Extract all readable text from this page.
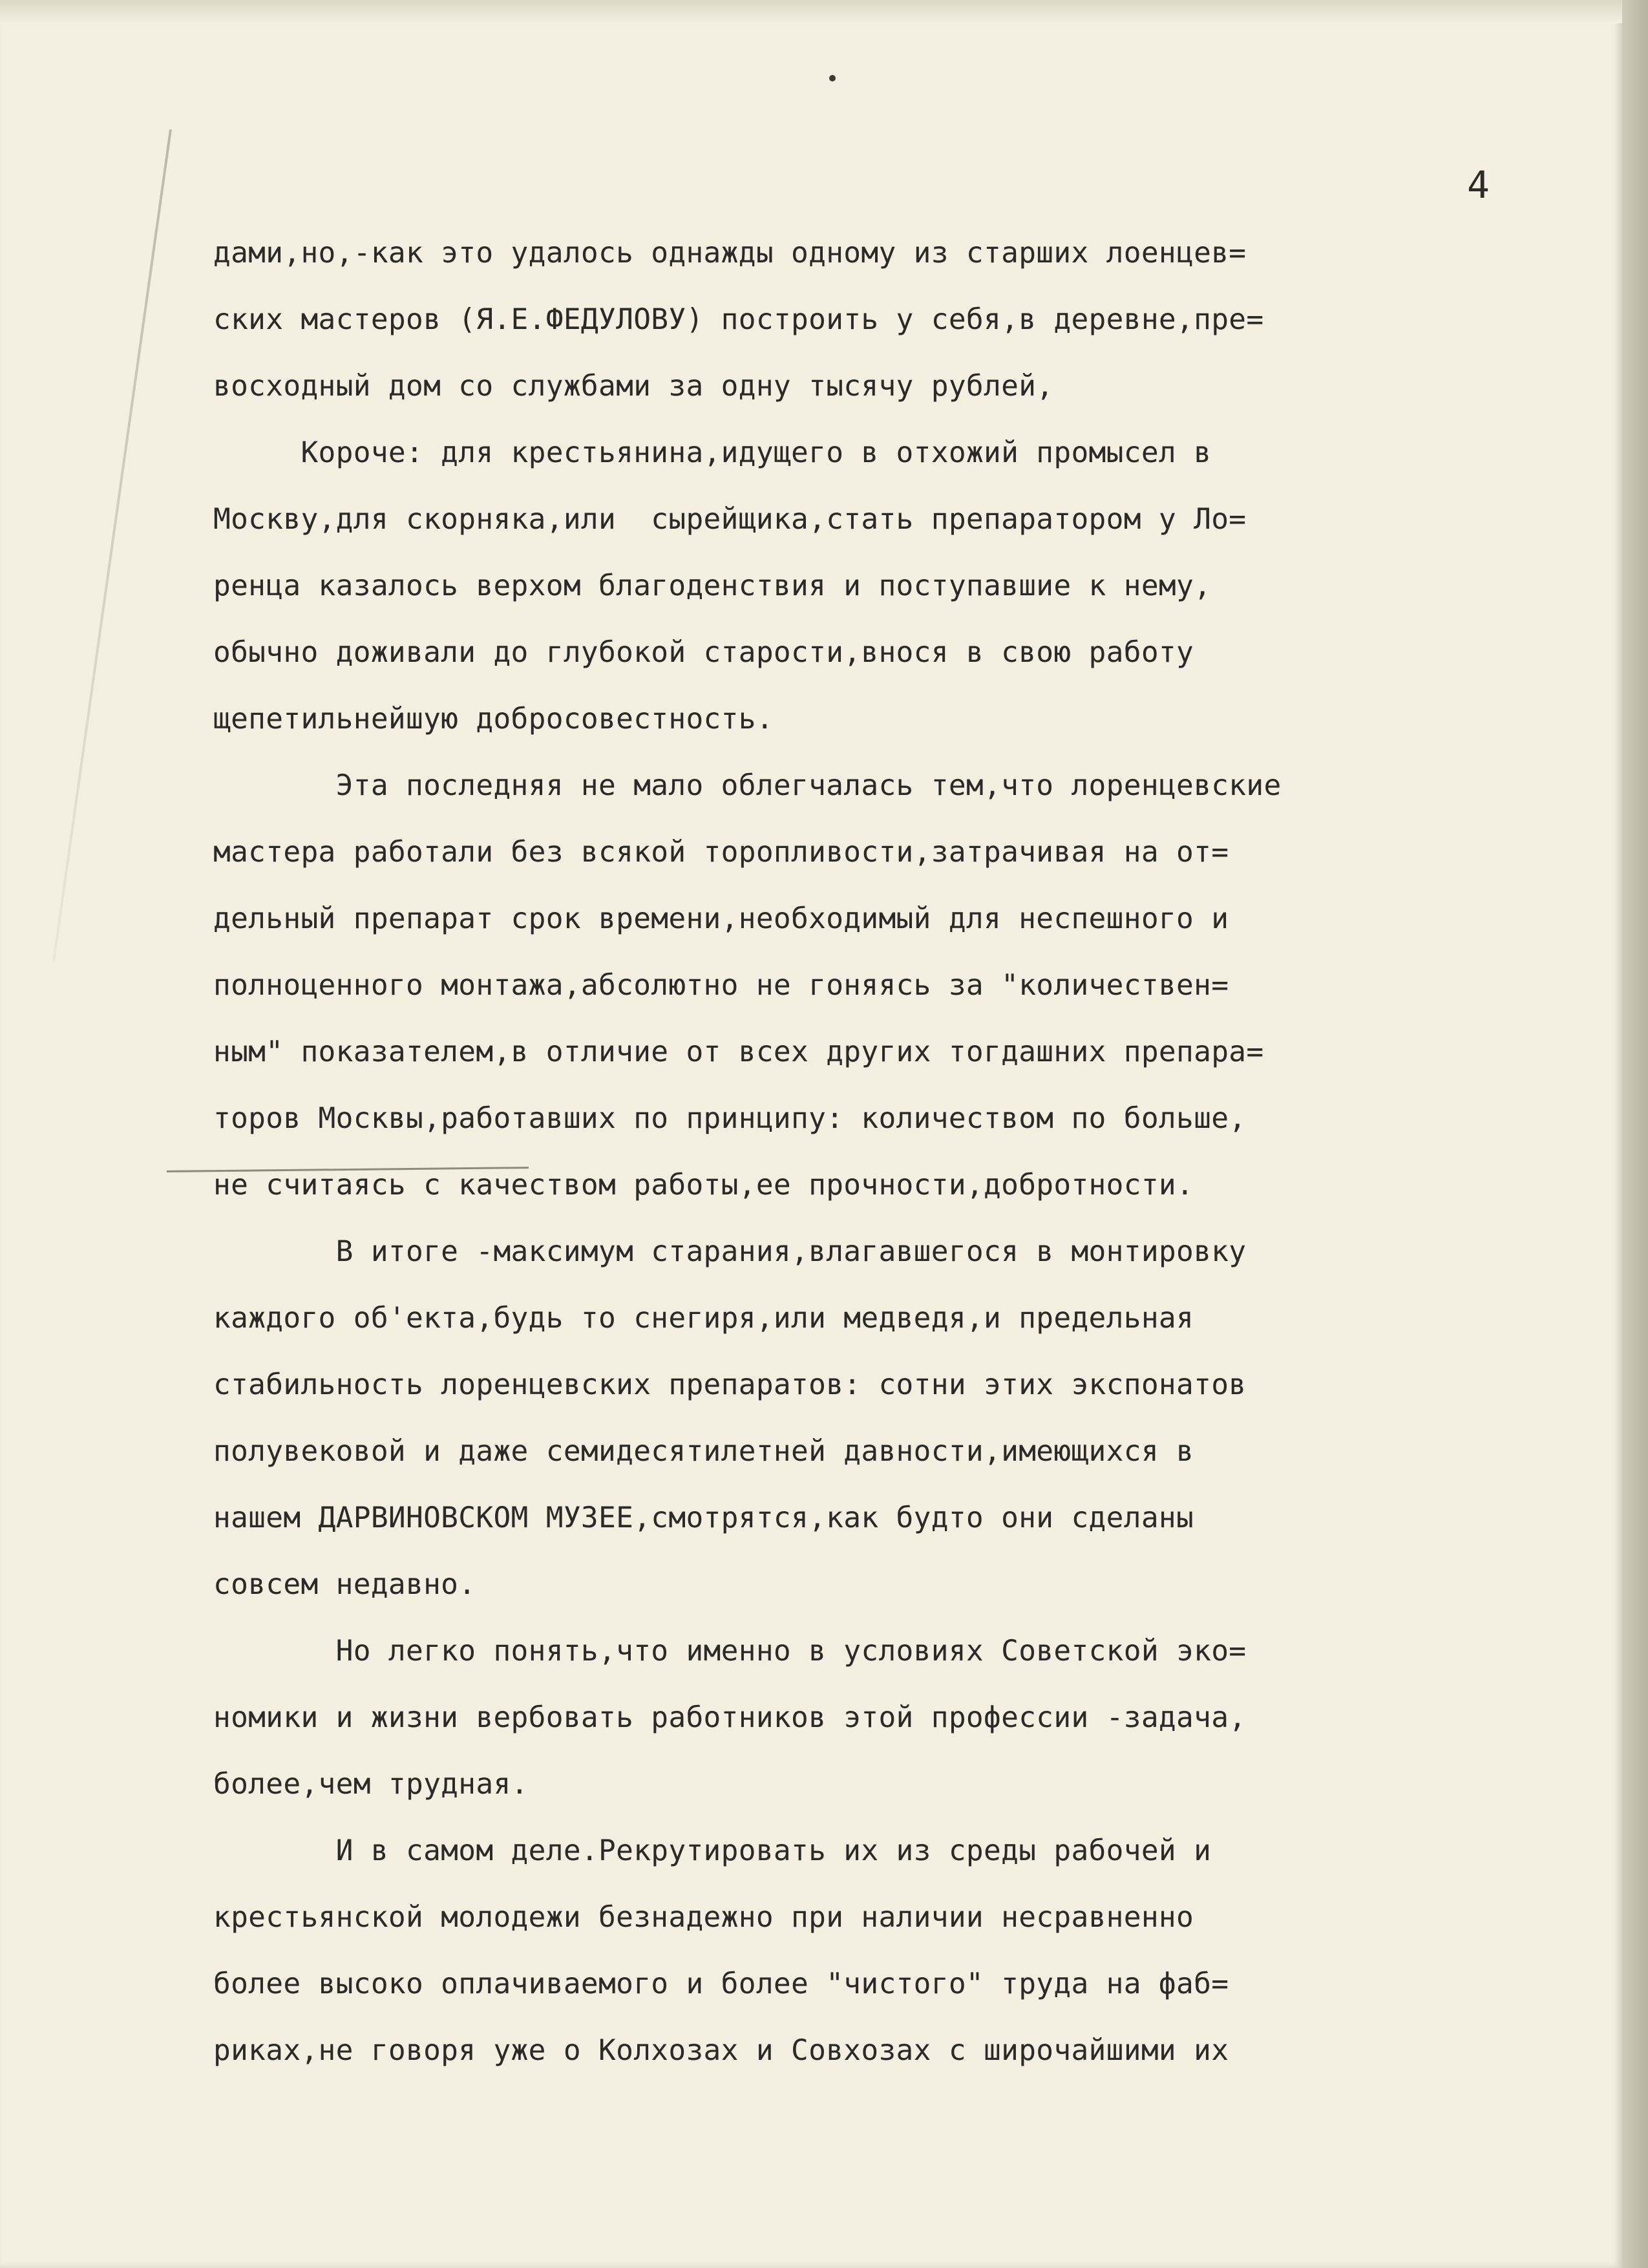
4
дами,но,-как это удалось однажды одному из старших лоенцев=
ских мастеров (Я.Е.ФЕДУЛОВУ) построить у себя,в деревне,пре=
восходный дом со службами за одну тысячу рублей,
Короче: для крестьянина,идущего в отхожий промысел в
Москву,для скорняка,или  сырейщика,стать препаратором у Ло=
ренца казалось верхом благоденствия и поступавшие к нему,
обычно доживали до глубокой старости,внося в свою работу
щепетильнейшую добросовестность.
Эта последняя не мало облегчалась тем,что лоренцевские
мастера работали без всякой торопливости,затрачивая на от=
дельный препарат срок времени,необходимый для неспешного и
полноценного монтажа,абсолютно не гоняясь за "количествен=
ным" показателем,в отличие от всех других тогдашних препара=
торов Москвы,работавших по принципу: количеством по больше,
не считаясь с качеством работы,ее прочности,добротности.
В итоге -максимум старания,влагавшегося в монтировку
каждого об'екта,будь то снегиря,или медведя,и предельная
стабильность лоренцевских препаратов: сотни этих экспонатов
полувековой и даже семидесятилетней давности,имеющихся в
нашем ДАРВИНОВСКОМ МУЗЕЕ,смотрятся,как будто они сделаны
совсем недавно.
Но легко понять,что именно в условиях Советской эко=
номики и жизни вербовать работников этой профессии -задача,
более,чем трудная.
И в самом деле.Рекрутировать их из среды рабочей и
крестьянской молодежи безнадежно при наличии несравненно
более высоко оплачиваемого и более "чистого" труда на фаб=
риках,не говоря уже о Колхозах и Совхозах с широчайшими их
